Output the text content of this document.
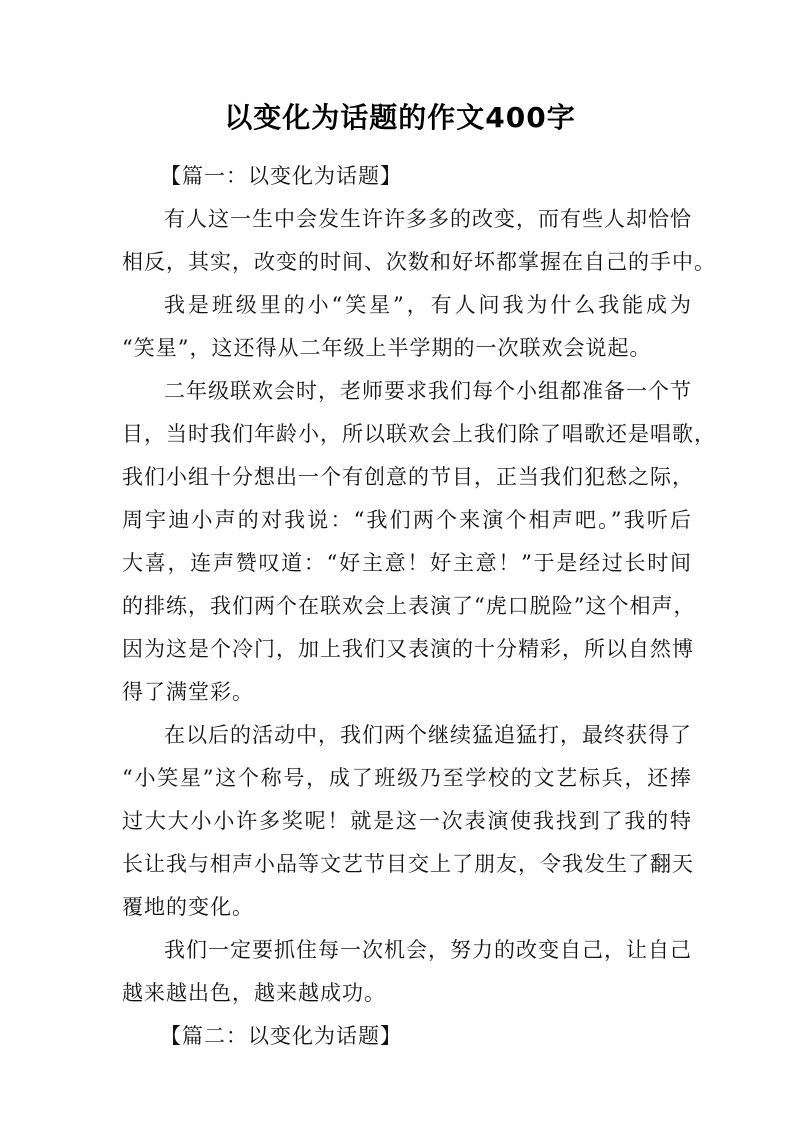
以变化为话题的作文400字
【篇一：以变化为话题】
有人这一生中会发生许许多多的改变，而有些人却恰恰
相反，其实，改变的时间、次数和好坏都掌握在自己的手中。
我是班级里的小“笑星”，有人问我为什么我能成为
“笑星”，这还得从二年级上半学期的一次联欢会说起。
二年级联欢会时，老师要求我们每个小组都准备一个节
目，当时我们年龄小，所以联欢会上我们除了唱歌还是唱歌，
我们小组十分想出一个有创意的节目，正当我们犯愁之际，
周宇迪小声的对我说：“我们两个来演个相声吧。”我听后
大喜，连声赞叹道：“好主意！好主意！”于是经过长时间
的排练，我们两个在联欢会上表演了“虎口脱险”这个相声，
因为这是个冷门，加上我们又表演的十分精彩，所以自然博
得了满堂彩。
在以后的活动中，我们两个继续猛追猛打，最终获得了
“小笑星”这个称号，成了班级乃至学校的文艺标兵，还捧
过大大小小许多奖呢！就是这一次表演使我找到了我的特
长让我与相声小品等文艺节目交上了朋友，令我发生了翻天
覆地的变化。
我们一定要抓住每一次机会，努力的改变自己，让自己
越来越出色，越来越成功。
【篇二：以变化为话题】
